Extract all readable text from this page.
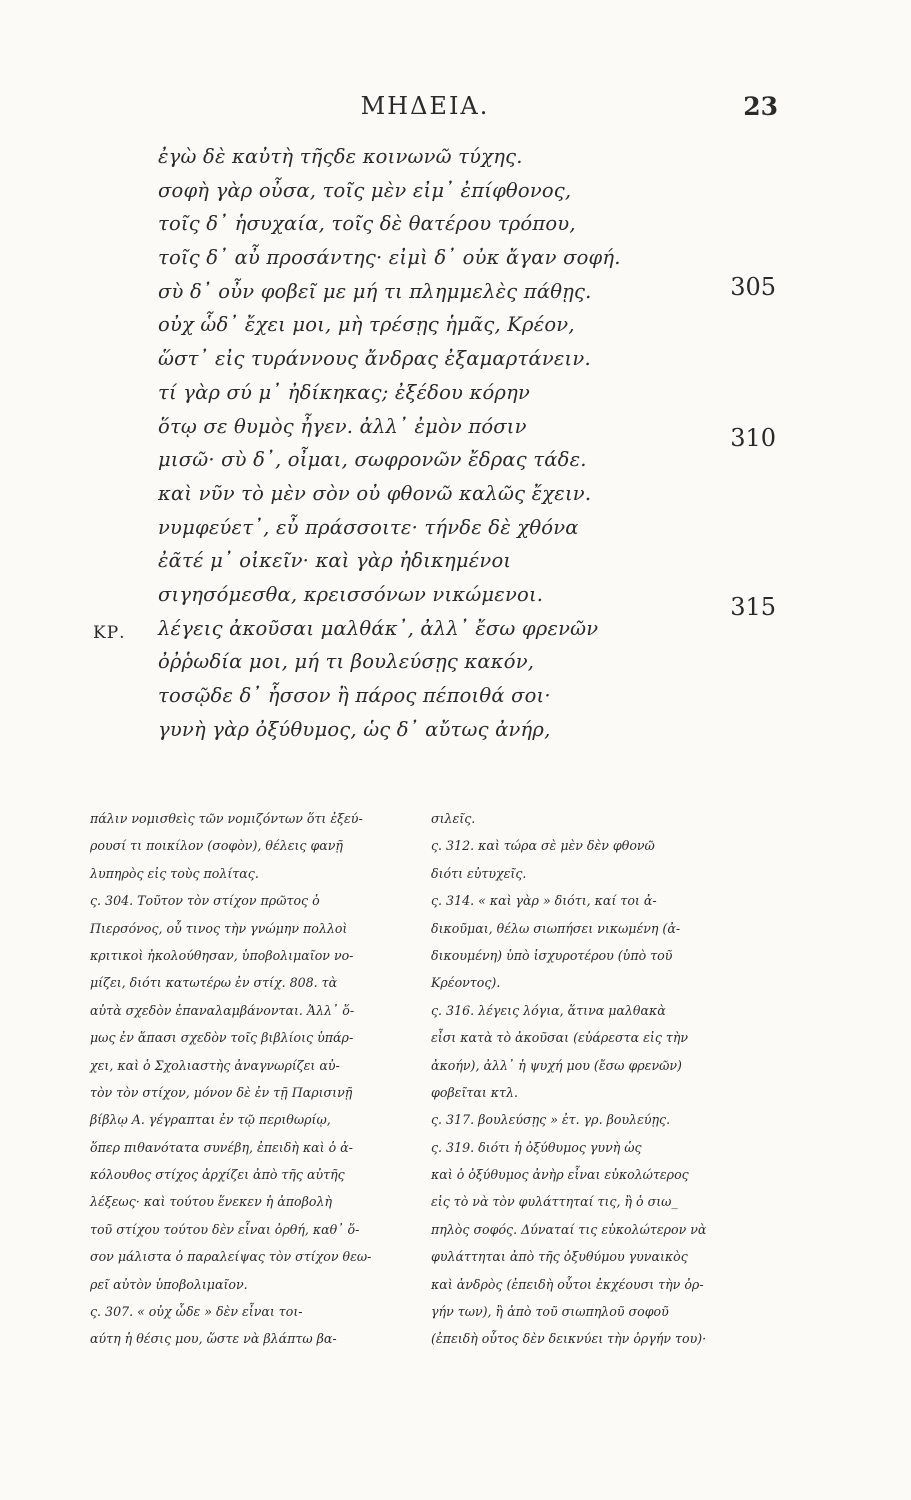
ΜΗΔΕΙΑ.	23
ἐγὼ δὲ καὐτὴ τῆςδε κοινωνῶ τύχης.
σοφὴ γὰρ οὖσα, τοῖς μὲν εἰμ᾽ ἐπίφθονος,
τοῖς δ᾽ ἡσυχαία, τοῖς δὲ θατέρου τρόπου,
τοῖς δ᾽ αὖ προσάντης· εἰμὶ δ᾽ οὐκ ἄγαν σοφή.
σὺ δ᾽ οὖν φοβεῖ με μή τι πλημμελὲς πάθῃς.
οὐχ ὧδ᾽ ἔχει μοι, μὴ τρέσῃς ἡμᾶς, Κρέον,
ὥστ᾽ εἰς τυράννους ἄνδρας ἐξαμαρτάνειν.
τί γὰρ σύ μ᾽ ἠδίκηκας; ἐξέδου κόρην
ὅτῳ σε θυμὸς ἦγεν. ἀλλ᾽ ἐμὸν πόσιν
μισῶ· σὺ δ᾽, οἶμαι, σωφρονῶν ἔδρας τάδε.
καὶ νῦν τὸ μὲν σὸν οὐ φθονῶ καλῶς ἔχειν.
νυμφεύετ᾽, εὖ πράσσοιτε· τήνδε δὲ χθόνα
ἐᾶτέ μ᾽ οἰκεῖν· καὶ γὰρ ἠδικημένοι
σιγησόμεσθα, κρεισσόνων νικώμενοι.
λέγεις ἀκοῦσαι μαλθάκ᾽, ἀλλ᾽ ἔσω φρενῶν
ὀῤῥωδία μοι, μή τι βουλεύσῃς κακόν,
τοσῷδε δ᾽ ἧσσον ἢ πάρος πέποιθά σοι·
γυνὴ γὰρ ὀξύθυμος, ὡς δ᾽ αὔτως ἀνήρ,
305
310
315
ΚΡ.
πάλιν νομισθεὶς τῶν νομιζόντων ὅτι ἐξεύ-
ρουσί τι ποικίλον (σοφὸν), θέλεις φανῇ
λυπηρὸς εἰς τοὺς πολίτας.
ς. 304. Τοῦτον τὸν στίχον πρῶτος ὁ
Πιερσόνος, οὗ τινος τὴν γνώμην πολλοὶ
κριτικοὶ ἠκολούθησαν, ὑποβολιμαῖον νο-
μίζει, διότι κατωτέρω ἐν στίχ. 808. τὰ
αὐτὰ σχεδὸν ἐπαναλαμβάνονται. Ἀλλ᾽ ὅ-
μως ἐν ἅπασι σχεδὸν τοῖς βιβλίοις ὑπάρ-
χει, καὶ ὁ Σχολιαστὴς ἀναγνωρίζει αὐ-
τὸν τὸν στίχον, μόνον δὲ ἐν τῇ Παρισινῇ
βίβλῳ Α. γέγραπται ἐν τῷ περιθωρίῳ,
ὅπερ πιθανότατα συνέβη, ἐπειδὴ καὶ ὁ ἀ-
κόλουθος στίχος ἀρχίζει ἀπὸ τῆς αὐτῆς
λέξεως· καὶ τούτου ἕνεκεν ἡ ἀποβολὴ
τοῦ στίχου τούτου δὲν εἶναι ὀρθή, καθ᾽ ὅ-
σον μάλιστα ὁ παραλείψας τὸν στίχον θεω-
ρεῖ αὐτὸν ὑποβολιμαῖον.
ς. 307. « οὐχ ὧδε » δὲν εἶναι τοι-
αύτη ἡ θέσις μου, ὥστε νὰ βλάπτω βα-
σιλεῖς.
ς. 312. καὶ τώρα σὲ μὲν δὲν φθονῶ
διότι εὐτυχεῖς.
ς. 314. « καὶ γὰρ » διότι, καί τοι ἀ-
δικοῦμαι, θέλω σιωπήσει νικωμένη (ἀ-
δικουμένη) ὑπὸ ἰσχυροτέρου (ὑπὸ τοῦ
Κρέοντος).
ς. 316. λέγεις λόγια, ἅτινα μαλθακὰ
εἶσι κατὰ τὸ ἀκοῦσαι (εὐάρεστα εἰς τὴν
ἀκοήν), ἀλλ᾽ ἡ ψυχή μου (ἔσω φρενῶν)
φοβεῖται κτλ.
ς. 317. βουλεύσῃς » ἐτ. γρ. βουλεύῃς.
ς. 319. διότι ἡ ὀξύθυμος γυνὴ ὡς
καὶ ὁ ὀξύθυμος ἀνὴρ εἶναι εὐκολώτερος
εἰς τὸ νὰ τὸν φυλάττηταί τις, ἢ ὁ σιω_
πηλὸς σοφός. Δύναταί τις εὐκολώτερον νὰ
φυλάττηται ἀπὸ τῆς ὀξυθύμου γυναικὸς
καὶ ἀνδρὸς (ἐπειδὴ οὗτοι ἐκχέουσι τὴν ὀρ-
γήν των), ἢ ἀπὸ τοῦ σιωπηλοῦ σοφοῦ
(ἐπειδὴ οὗτος δὲν δεικνύει τὴν ὀργήν του)·
